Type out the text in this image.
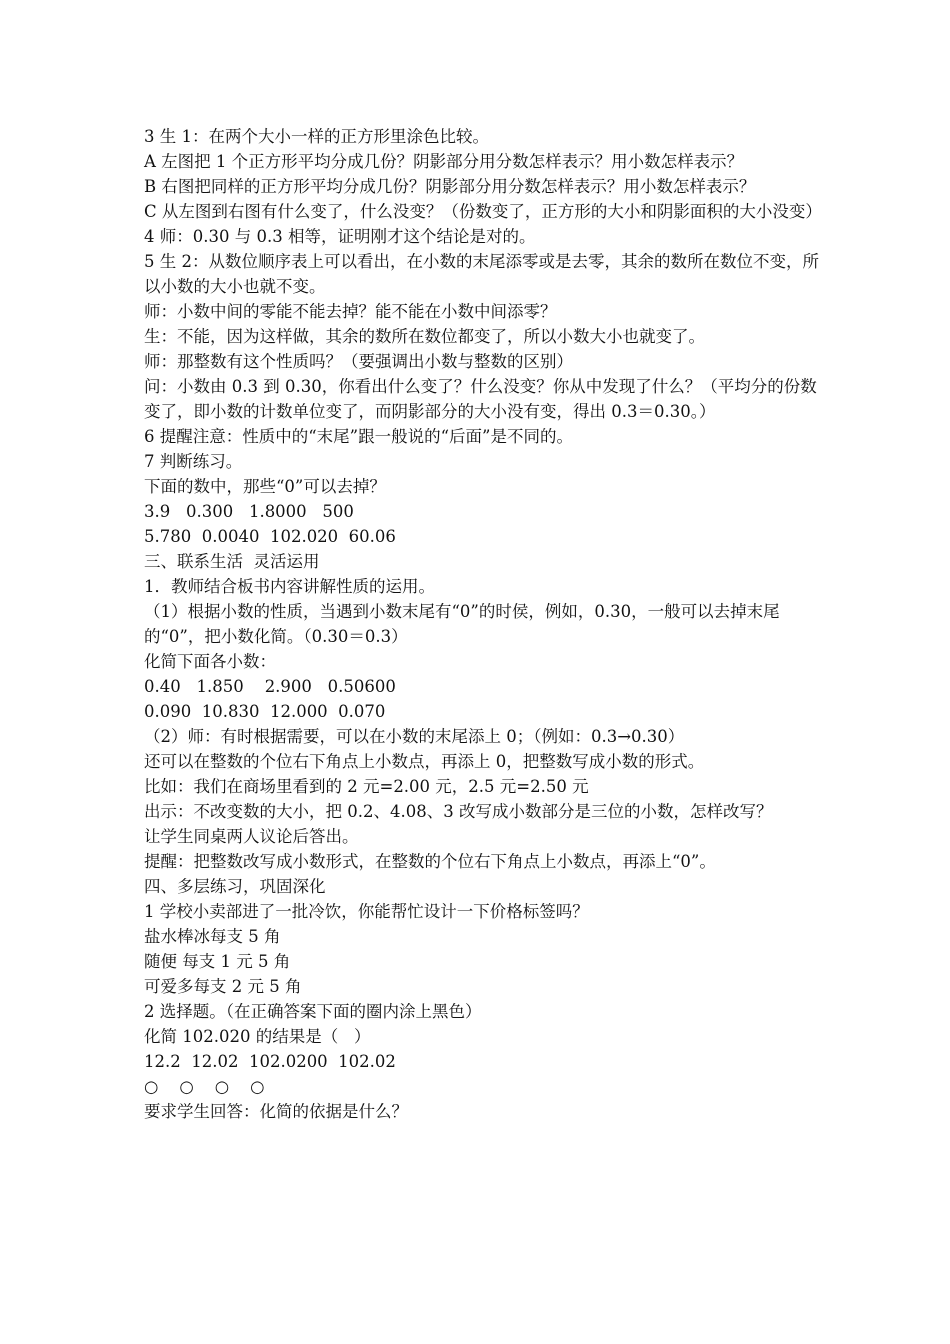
3 生 1：在两个大小一样的正方形里涂色比较。

A 左图把 1 个正方形平均分成几份？阴影部分用分数怎样表示？用小数怎样表示？

B 右图把同样的正方形平均分成几份？阴影部分用分数怎样表示？用小数怎样表示？

C 从左图到右图有什么变了，什么没变？（份数变了，正方形的大小和阴影面积的大小没变）

4 师：0.30 与 0.3 相等，证明刚才这个结论是对的。

5 生 2：从数位顺序表上可以看出，在小数的末尾添零或是去零，其余的数所在数位不变，所以小数的大小也就不变。

师：小数中间的零能不能去掉？能不能在小数中间添零？

生：不能，因为这样做，其余的数所在数位都变了，所以小数大小也就变了。

师：那整数有这个性质吗？（要强调出小数与整数的区别）

问：小数由 0.3 到 0.30，你看出什么变了？什么没变？你从中发现了什么？（平均分的份数变了，即小数的计数单位变了，而阴影部分的大小没有变，得出 0.3＝0.30。）

6 提醒注意：性质中的“末尾”跟一般说的“后面”是不同的。

7 判断练习。

下面的数中，那些“0”可以去掉？

3.9   0.300   1.8000   500

5.780  0.0040  102.020  60.06

三、联系生活  灵活运用

1．教师结合板书内容讲解性质的运用。

（1）根据小数的性质，当遇到小数末尾有“0”的时侯，例如，0.30，一般可以去掉末尾的“0”，把小数化简。（0.30＝0.3）

化简下面各小数：

0.40   1.850    2.900   0.50600

0.090  10.830  12.000  0.070

（2）师：有时根据需要，可以在小数的末尾添上 0；（例如：0.3→0.30）

还可以在整数的个位右下角点上小数点，再添上 0，把整数写成小数的形式。

比如：我们在商场里看到的 2 元=2.00 元，2.5 元=2.50 元

出示：不改变数的大小，把 0.2、4.08、3 改写成小数部分是三位的小数，怎样改写？

让学生同桌两人议论后答出。

提醒：把整数改写成小数形式，在整数的个位右下角点上小数点，再添上“0”。

四、多层练习，巩固深化

1 学校小卖部进了一批冷饮，你能帮忙设计一下价格标签吗？

盐水棒冰每支 5 角

随便 每支 1 元 5 角

可爱多每支 2 元 5 角

2 选择题。（在正确答案下面的圈内涂上黑色）

化简 102.020 的结果是（   ）

12.2  12.02  102.0200  102.02

○    ○    ○    ○

要求学生回答：化简的依据是什么？
